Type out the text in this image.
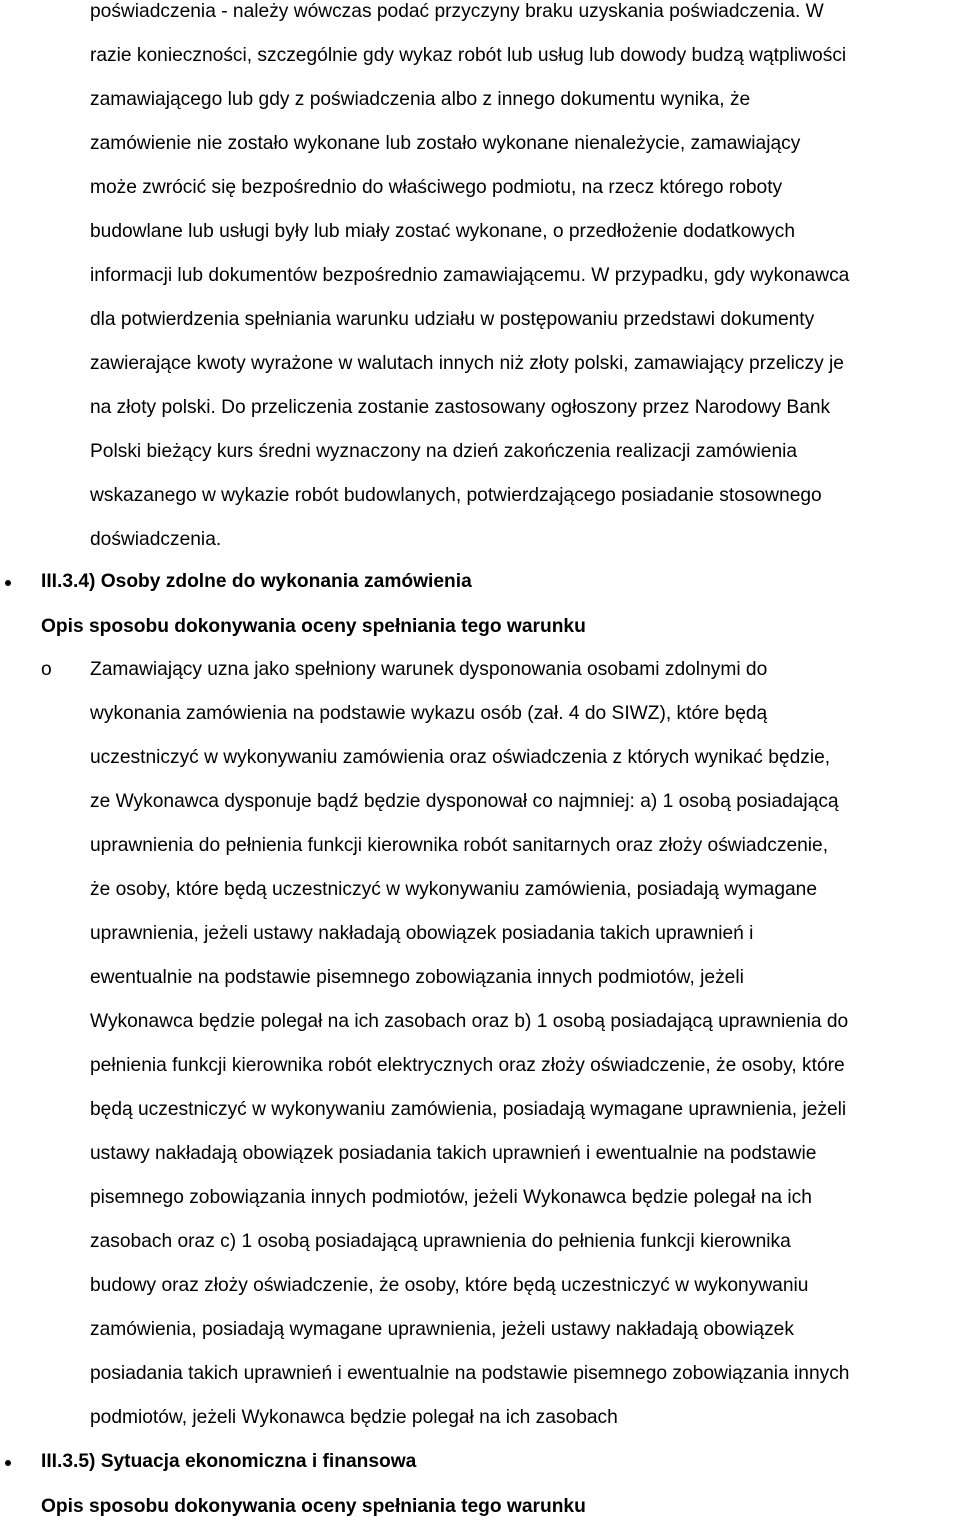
poświadczenia - należy wówczas podać przyczyny braku uzyskania poświadczenia. W
razie konieczności, szczególnie gdy wykaz robót lub usług lub dowody budzą wątpliwości
zamawiającego lub gdy z poświadczenia albo z innego dokumentu wynika, że
zamówienie nie zostało wykonane lub zostało wykonane nienależycie, zamawiający
może zwrócić się bezpośrednio do właściwego podmiotu, na rzecz którego roboty
budowlane lub usługi były lub miały zostać wykonane, o przedłożenie dodatkowych
informacji lub dokumentów bezpośrednio zamawiającemu. W przypadku, gdy wykonawca
dla potwierdzenia spełniania warunku udziału w postępowaniu przedstawi dokumenty
zawierające kwoty wyrażone w walutach innych niż złoty polski, zamawiający przeliczy je
na złoty polski. Do przeliczenia zostanie zastosowany ogłoszony przez Narodowy Bank
Polski bieżący kurs średni wyznaczony na dzień zakończenia realizacji zamówienia
wskazanego w wykazie robót budowlanych, potwierdzającego posiadanie stosownego
doświadczenia.
III.3.4) Osoby zdolne do wykonania zamówienia
Opis sposobu dokonywania oceny spełniania tego warunku
o Zamawiający uzna jako spełniony warunek dysponowania osobami zdolnymi do
wykonania zamówienia na podstawie wykazu osób (zał. 4 do SIWZ), które będą
uczestniczyć w wykonywaniu zamówienia oraz oświadczenia z których wynikać będzie,
ze Wykonawca dysponuje bądź będzie dysponował co najmniej: a) 1 osobą posiadającą
uprawnienia do pełnienia funkcji kierownika robót sanitarnych oraz złoży oświadczenie,
że osoby, które będą uczestniczyć w wykonywaniu zamówienia, posiadają wymagane
uprawnienia, jeżeli ustawy nakładają obowiązek posiadania takich uprawnień i
ewentualnie na podstawie pisemnego zobowiązania innych podmiotów, jeżeli
Wykonawca będzie polegał na ich zasobach oraz b) 1 osobą posiadającą uprawnienia do
pełnienia funkcji kierownika robót elektrycznych oraz złoży oświadczenie, że osoby, które
będą uczestniczyć w wykonywaniu zamówienia, posiadają wymagane uprawnienia, jeżeli
ustawy nakładają obowiązek posiadania takich uprawnień i ewentualnie na podstawie
pisemnego zobowiązania innych podmiotów, jeżeli Wykonawca będzie polegał na ich
zasobach oraz c) 1 osobą posiadającą uprawnienia do pełnienia funkcji kierownika
budowy oraz złoży oświadczenie, że osoby, które będą uczestniczyć w wykonywaniu
zamówienia, posiadają wymagane uprawnienia, jeżeli ustawy nakładają obowiązek
posiadania takich uprawnień i ewentualnie na podstawie pisemnego zobowiązania innych
podmiotów, jeżeli Wykonawca będzie polegał na ich zasobach
III.3.5) Sytuacja ekonomiczna i finansowa
Opis sposobu dokonywania oceny spełniania tego warunku
